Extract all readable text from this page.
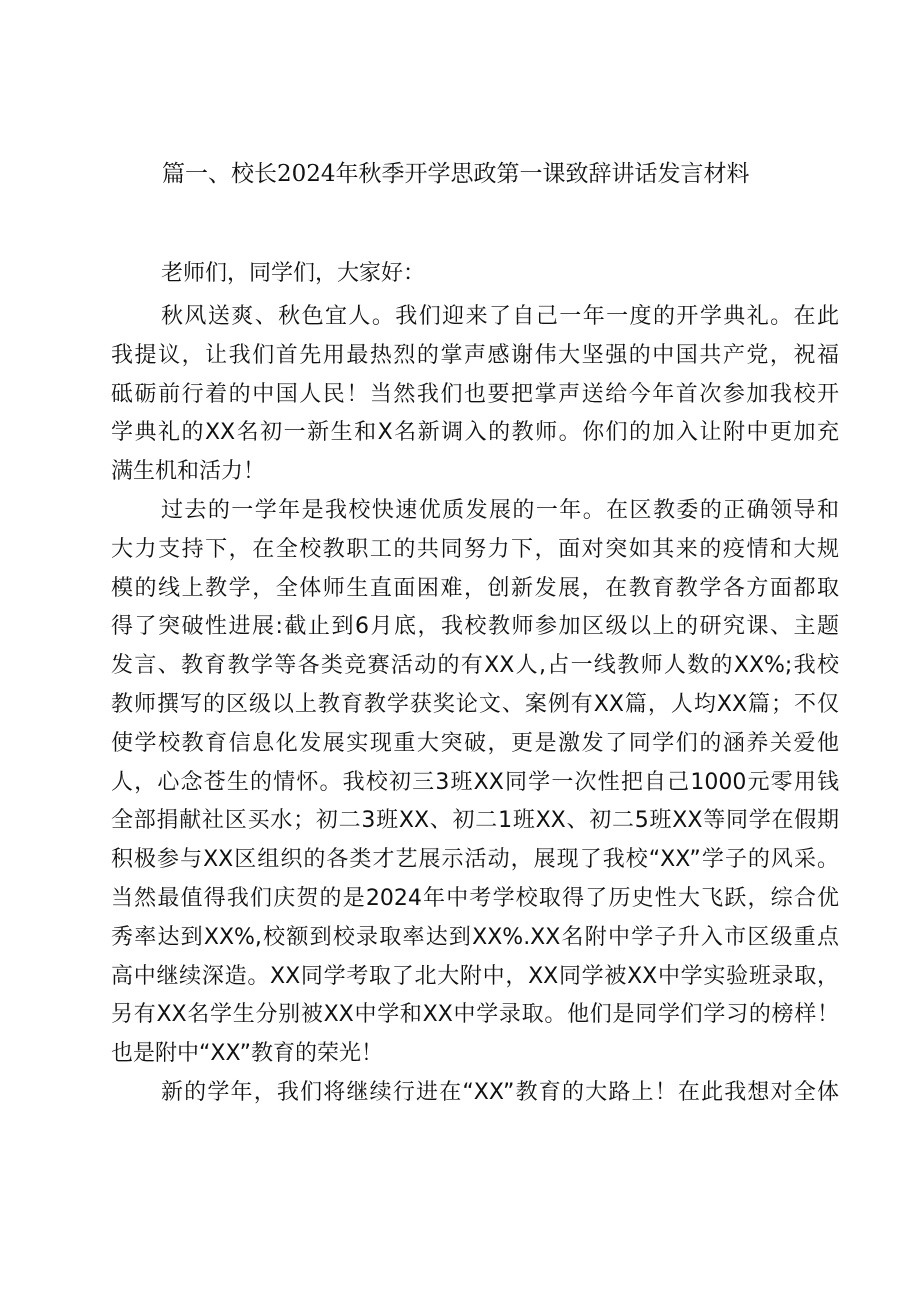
篇一、校长2024年秋季开学思政第一课致辞讲话发言材料
老师们，同学们，大家好：
秋风送爽、秋色宜人。我们迎来了自己一年一度的开学典礼。在此
我提议，让我们首先用最热烈的掌声感谢伟大坚强的中国共产党，祝福
砥砺前行着的中国人民！当然我们也要把掌声送给今年首次参加我校开
学典礼的XX名初一新生和X名新调入的教师。你们的加入让附中更加充
满生机和活力！
过去的一学年是我校快速优质发展的一年。在区教委的正确领导和
大力支持下，在全校教职工的共同努力下，面对突如其来的疫情和大规
模的线上教学，全体师生直面困难，创新发展，在教育教学各方面都取
得了突破性进展:截止到6月底，我校教师参加区级以上的研究课、主题
发言、教育教学等各类竞赛活动的有XX人,占一线教师人数的XX%;我校
教师撰写的区级以上教育教学获奖论文、案例有XX篇，人均XX篇；不仅
使学校教育信息化发展实现重大突破，更是激发了同学们的涵养关爱他
人，心念苍生的情怀。我校初三3班XX同学一次性把自己1000元零用钱
全部捐献社区买水；初二3班XX、初二1班XX、初二5班XX等同学在假期
积极参与XX区组织的各类才艺展示活动，展现了我校“XX”学子的风采。
当然最值得我们庆贺的是2024年中考学校取得了历史性大飞跃，综合优
秀率达到XX%,校额到校录取率达到XX%.XX名附中学子升入市区级重点
高中继续深造。XX同学考取了北大附中，XX同学被XX中学实验班录取，
另有XX名学生分别被XX中学和XX中学录取。他们是同学们学习的榜样！
也是附中“XX”教育的荣光！
新的学年，我们将继续行进在“XX”教育的大路上！在此我想对全体
